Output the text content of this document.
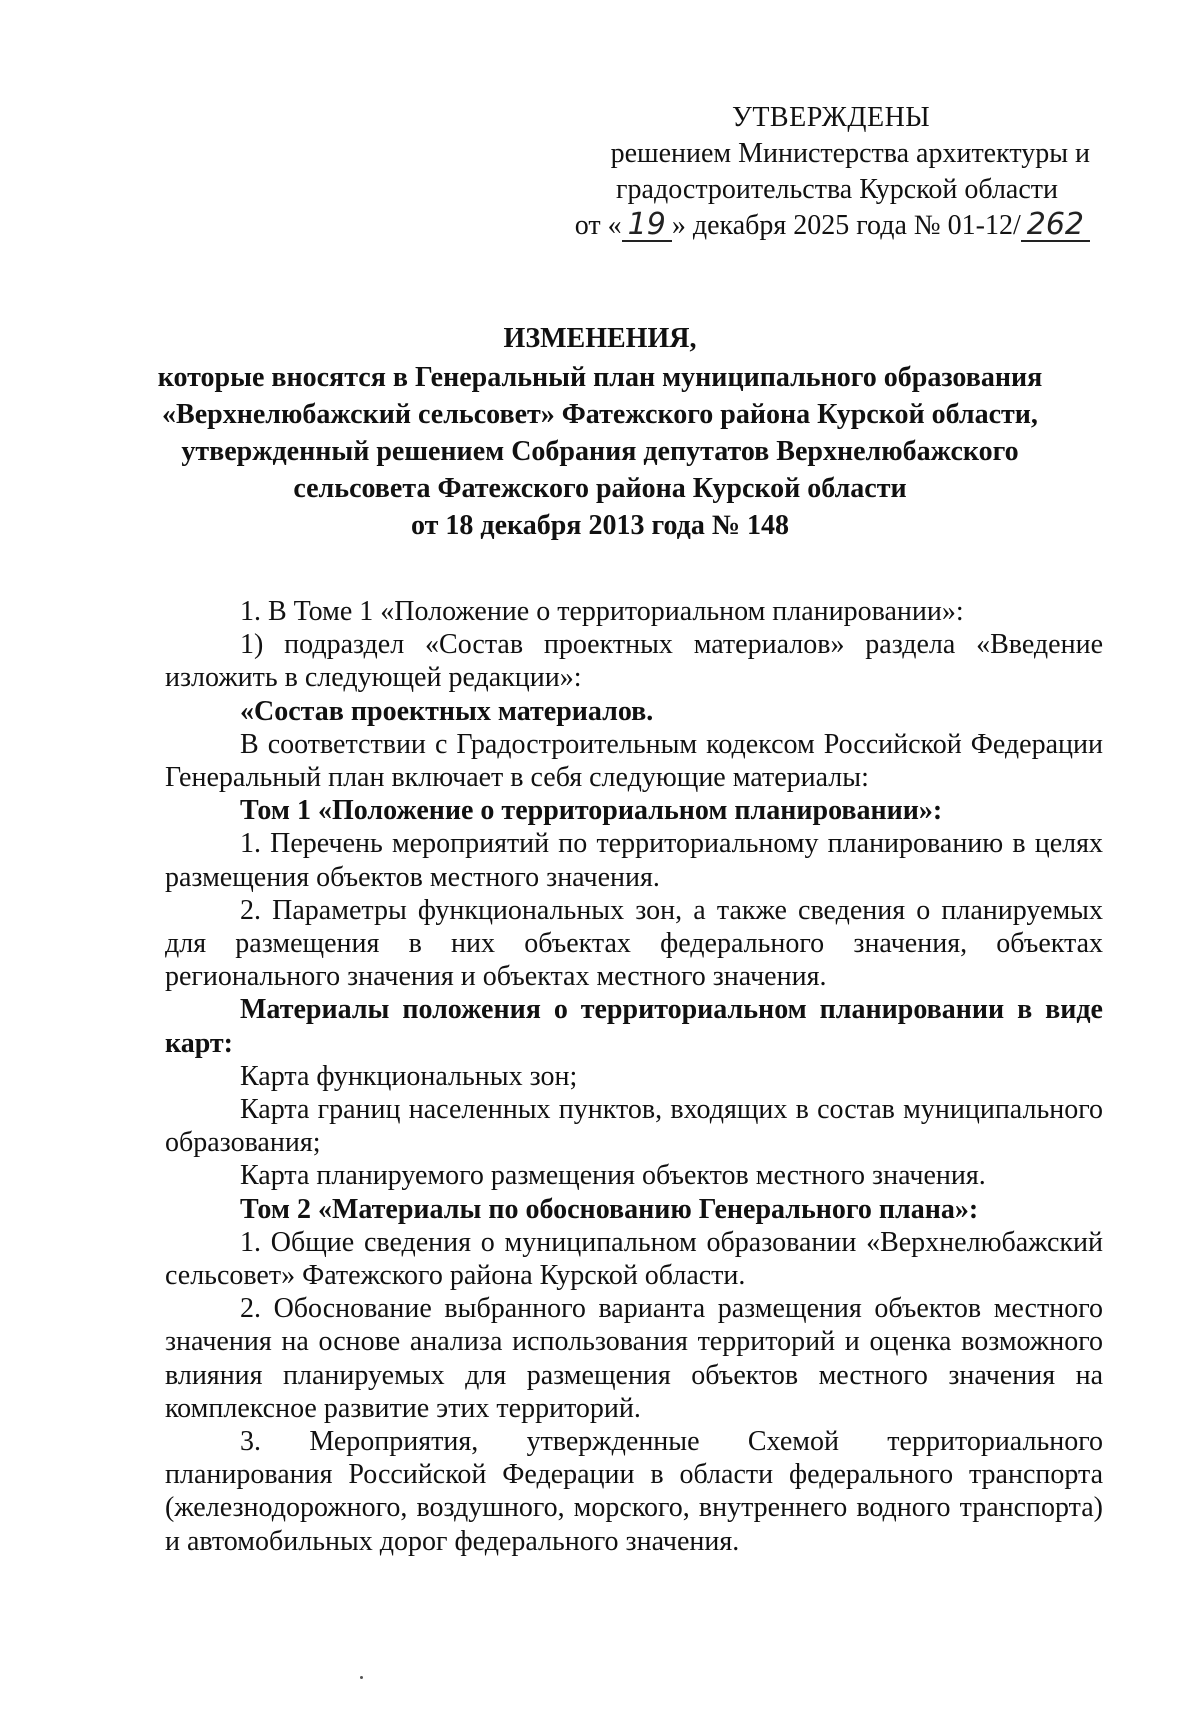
УТВЕРЖДЕНЫ
решением Министерства архитектуры и
градостроительства Курской области
от « 19 » декабря 2025 года № 01-12/ 262
ИЗМЕНЕНИЯ,
которые вносятся в Генеральный план муниципального образования
«Верхнелюбажский сельсовет» Фатежского района Курской области,
утвержденный решением Собрания депутатов Верхнелюбажского
сельсовета Фатежского района Курской области
от 18 декабря 2013 года № 148

1. В Томе 1 «Положение о территориальном планировании»:

1) подраздел «Состав проектных материалов» раздела «Введение изложить в следующей редакции»:

«Состав проектных материалов.

В соответствии с Градостроительным кодексом Российской Федерации Генеральный план включает в себя следующие материалы:

Том 1 «Положение о территориальном планировании»:

1. Перечень мероприятий по территориальному планированию в целях размещения объектов местного значения.

2. Параметры функциональных зон, а также сведения о планируемых для размещения в них объектах федерального значения, объектах регионального значения и объектах местного значения.

Материалы положения о территориальном планировании в виде карт:

Карта функциональных зон;

Карта границ населенных пунктов, входящих в состав муниципального образования;

Карта планируемого размещения объектов местного значения.

Том 2 «Материалы по обоснованию Генерального плана»:

1. Общие сведения о муниципальном образовании «Верхнелюбажский сельсовет» Фатежского района Курской области.

2. Обоснование выбранного варианта размещения объектов местного значения на основе анализа использования территорий и оценка возможного влияния планируемых для размещения объектов местного значения на комплексное развитие этих территорий.

3. Мероприятия, утвержденные Схемой территориального планирования Российской Федерации в области федерального транспорта (железнодорожного, воздушного, морского, внутреннего водного транспорта) и автомобильных дорог федерального значения.
